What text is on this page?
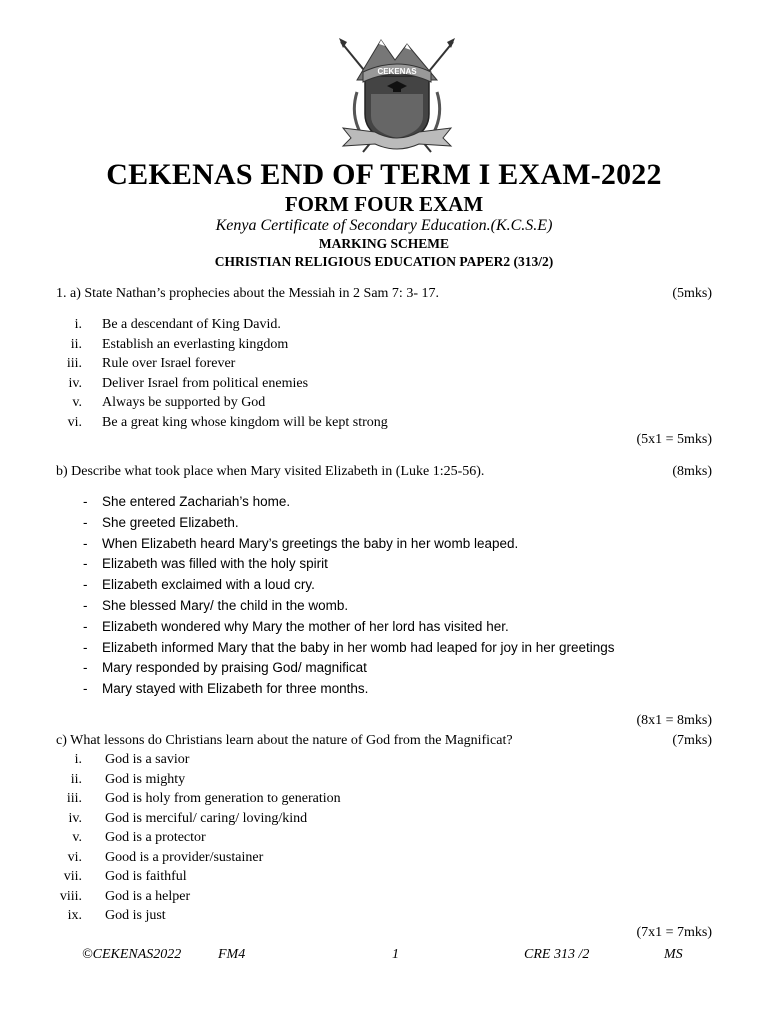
CEKENAS
CEKENAS END OF TERM I EXAM-2022
FORM FOUR EXAM
Kenya Certificate of Secondary Education.(K.C.S.E)
MARKING SCHEME
CHRISTIAN RELIGIOUS EDUCATION PAPER2 (313/2)
1. a) State Nathan’s prophecies about the Messiah in 2 Sam 7: 3- 17.	(5mks)
i. Be a descendant of King David.
ii. Establish an everlasting kingdom
iii. Rule over Israel forever
iv. Deliver Israel from political enemies
v. Always be supported by God
vi. Be a great king whose kingdom will be kept strong
(5x1 = 5mks)
b) Describe what took place when Mary visited Elizabeth in (Luke 1:25-56).	(8mks)
- She entered Zachariah’s home.
- She greeted Elizabeth.
- When Elizabeth heard Mary’s greetings the baby in her womb leaped.
- Elizabeth was filled with the holy spirit
- Elizabeth exclaimed with a loud cry.
- She blessed Mary/ the child in the womb.
- Elizabeth wondered why Mary the mother of her lord has visited her.
- Elizabeth informed Mary that the baby in her womb had leaped for joy in her greetings
- Mary responded by praising God/ magnificat
- Mary stayed with Elizabeth for three months.
(8x1 = 8mks)
c) What lessons do Christians learn about the nature of God from the Magnificat?	(7mks)
i. God is a savior
ii. God is mighty
iii. God is holy from generation to generation
iv. God is merciful/ caring/ loving/kind
v. God is a protector
vi. Good is a provider/sustainer
vii. God is faithful
viii. God is a helper
ix. God is just
(7x1 = 7mks)
©CEKENAS2022	FM4	1	CRE 313 /2	MS
